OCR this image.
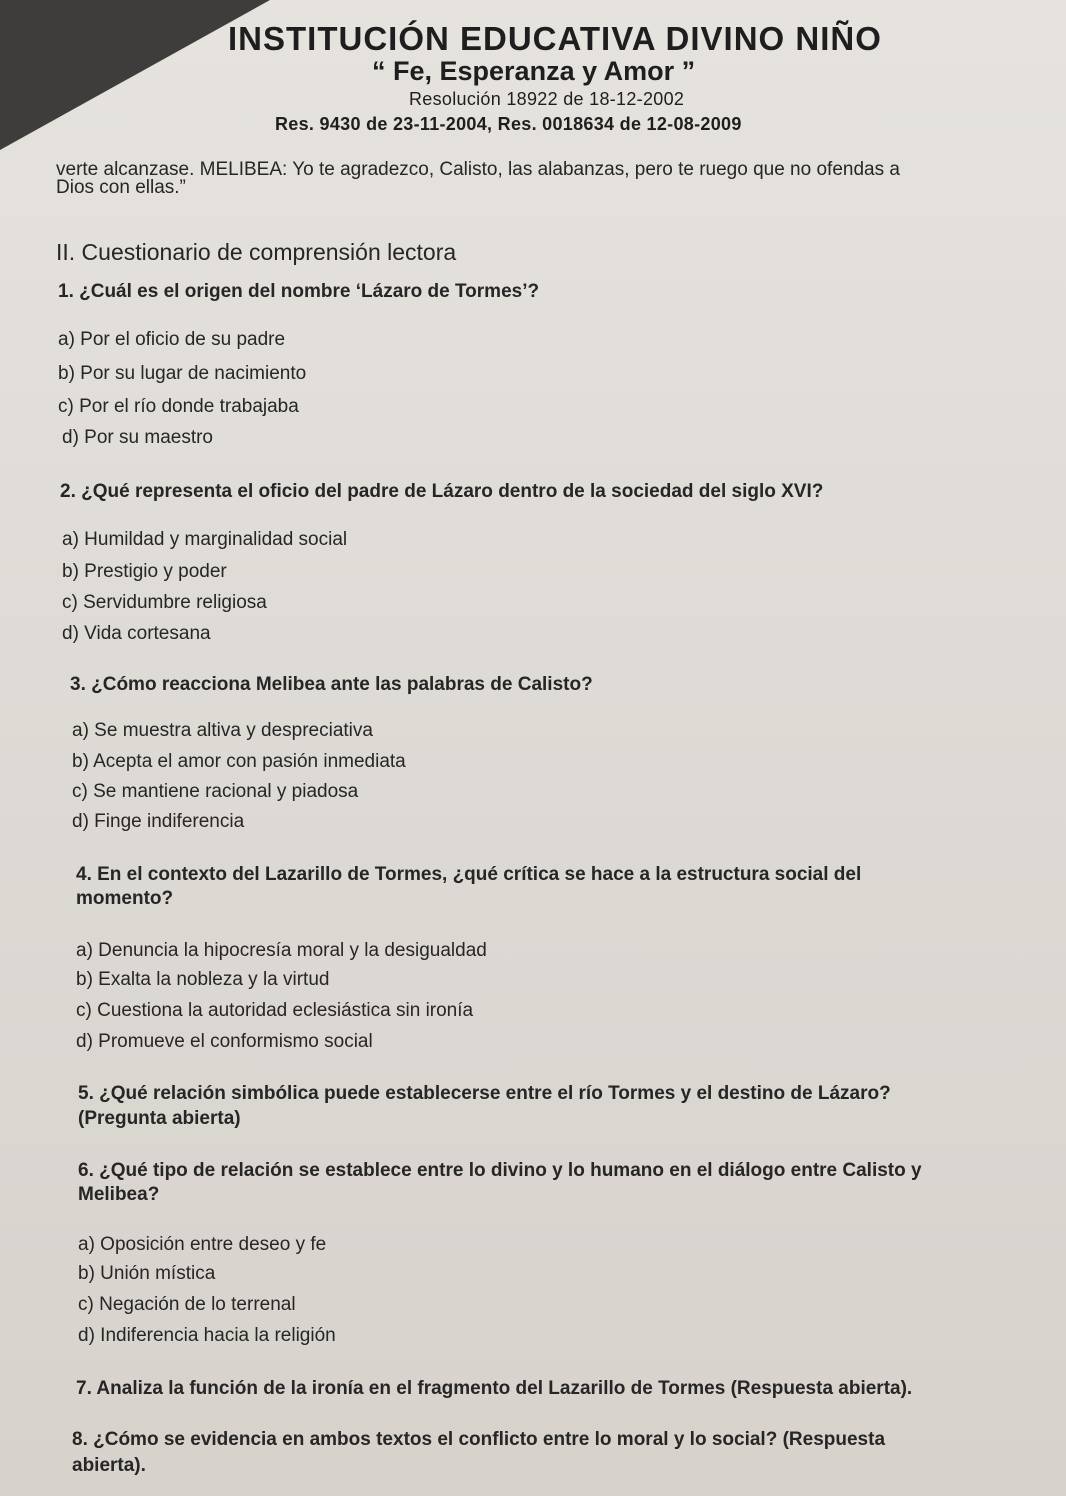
INSTITUCIÓN EDUCATIVA DIVINO NIÑO
“ Fe, Esperanza y Amor ”
Resolución 18922 de 18-12-2002
Res. 9430 de 23-11-2004, Res. 0018634 de 12-08-2009
verte alcanzase. MELIBEA: Yo te agradezco, Calisto, las alabanzas, pero te ruego que no ofendas a
Dios con ellas.”
II. Cuestionario de comprensión lectora
1. ¿Cuál es el origen del nombre ‘Lázaro de Tormes’?
a) Por el oficio de su padre
b) Por su lugar de nacimiento
c) Por el río donde trabajaba
d) Por su maestro
2. ¿Qué representa el oficio del padre de Lázaro dentro de la sociedad del siglo XVI?
a) Humildad y marginalidad social
b) Prestigio y poder
c) Servidumbre religiosa
d) Vida cortesana
3. ¿Cómo reacciona Melibea ante las palabras de Calisto?
a) Se muestra altiva y despreciativa
b) Acepta el amor con pasión inmediata
c) Se mantiene racional y piadosa
d) Finge indiferencia
4. En el contexto del Lazarillo de Tormes, ¿qué crítica se hace a la estructura social del
momento?
a) Denuncia la hipocresía moral y la desigualdad
b) Exalta la nobleza y la virtud
c) Cuestiona la autoridad eclesiástica sin ironía
d) Promueve el conformismo social
5. ¿Qué relación simbólica puede establecerse entre el río Tormes y el destino de Lázaro?
(Pregunta abierta)
6. ¿Qué tipo de relación se establece entre lo divino y lo humano en el diálogo entre Calisto y
Melibea?
a) Oposición entre deseo y fe
b) Unión mística
c) Negación de lo terrenal
d) Indiferencia hacia la religión
7. Analiza la función de la ironía en el fragmento del Lazarillo de Tormes (Respuesta abierta).
8. ¿Cómo se evidencia en ambos textos el conflicto entre lo moral y lo social? (Respuesta
abierta).
